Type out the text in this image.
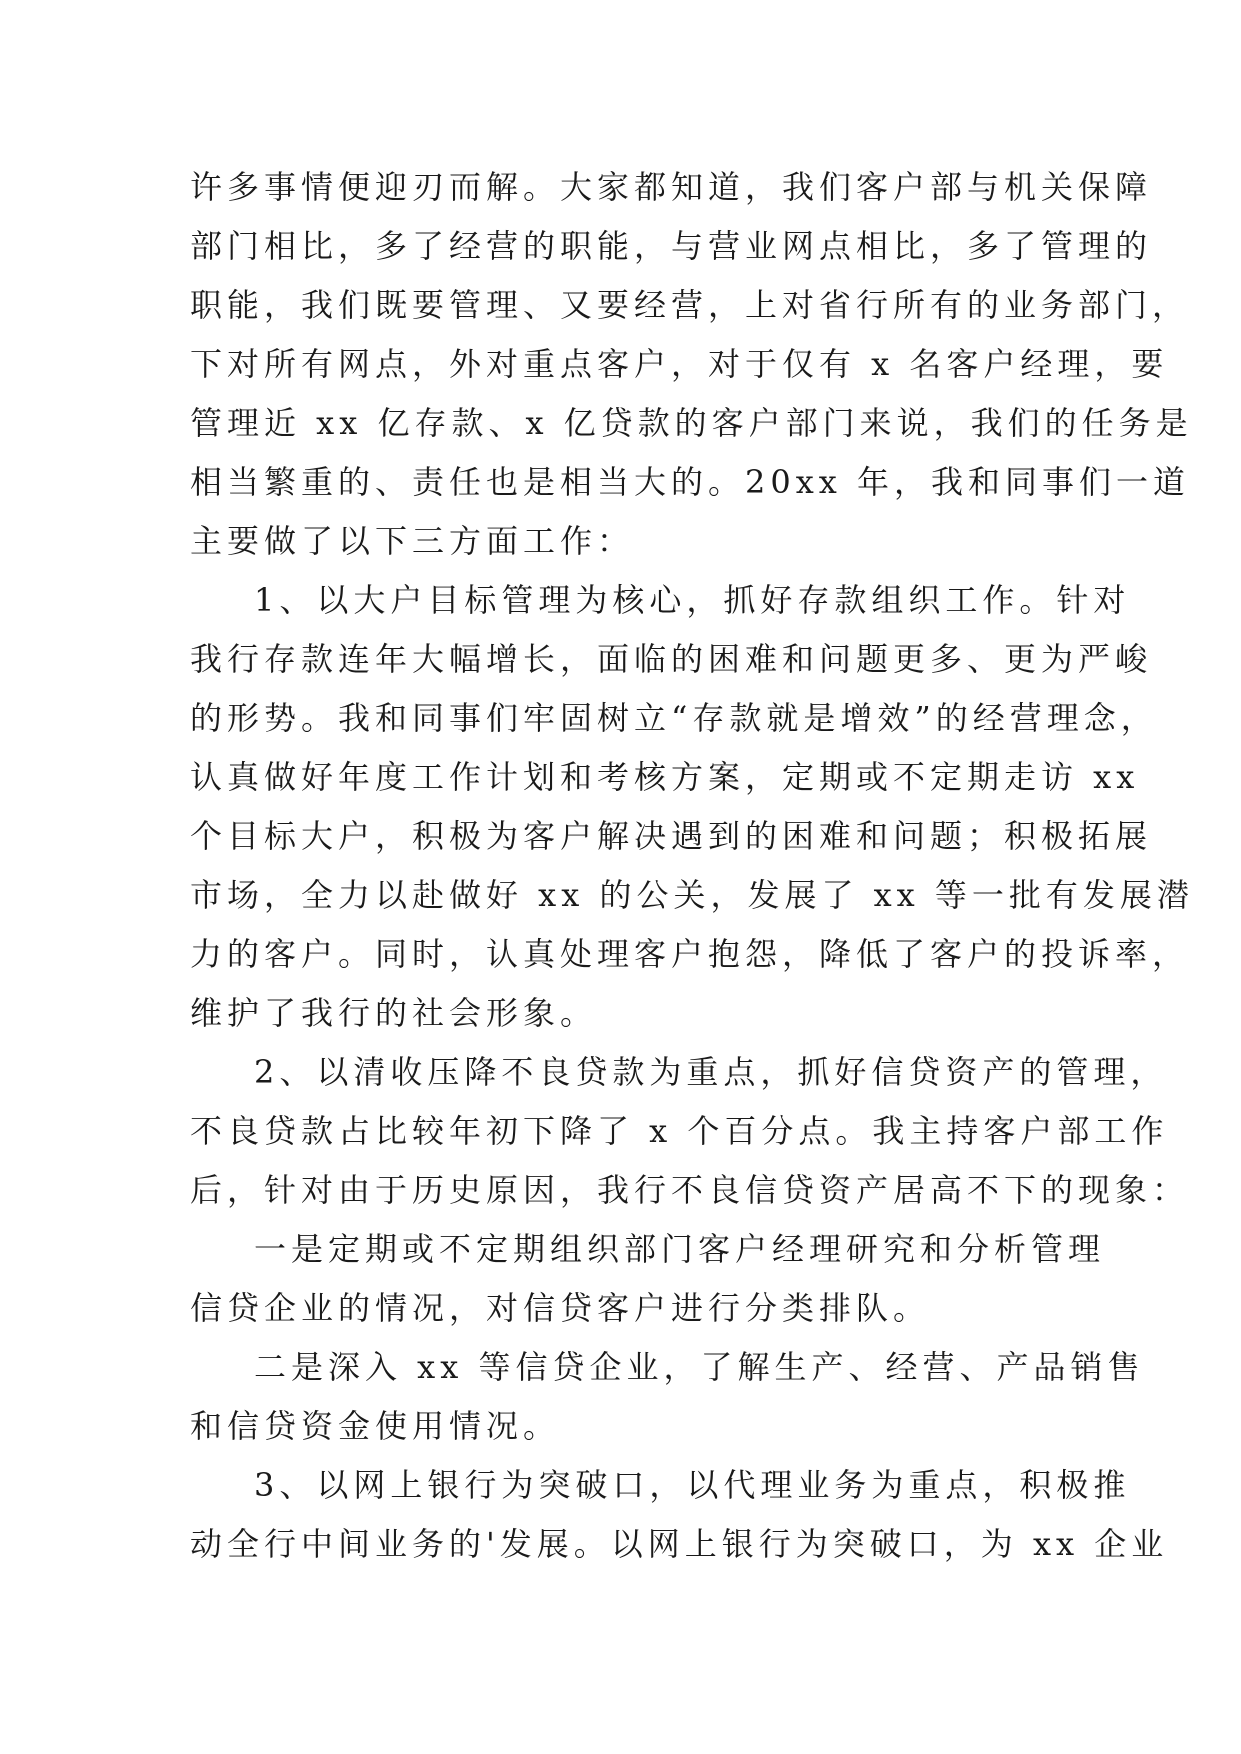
许多事情便迎刃而解。大家都知道，我们客户部与机关保障
部门相比，多了经营的职能，与营业网点相比，多了管理的
职能，我们既要管理、又要经营，上对省行所有的业务部门，
下对所有网点，外对重点客户，对于仅有 x 名客户经理，要
管理近 xx 亿存款、x 亿贷款的客户部门来说，我们的任务是
相当繁重的、责任也是相当大的。20xx 年，我和同事们一道
主要做了以下三方面工作：
1、以大户目标管理为核心，抓好存款组织工作。针对
我行存款连年大幅增长，面临的困难和问题更多、更为严峻
的形势。我和同事们牢固树立“存款就是增效”的经营理念，
认真做好年度工作计划和考核方案，定期或不定期走访 xx
个目标大户，积极为客户解决遇到的困难和问题；积极拓展
市场，全力以赴做好 xx 的公关，发展了 xx 等一批有发展潜
力的客户。同时，认真处理客户抱怨，降低了客户的投诉率，
维护了我行的社会形象。
2、以清收压降不良贷款为重点，抓好信贷资产的管理，
不良贷款占比较年初下降了 x 个百分点。我主持客户部工作
后，针对由于历史原因，我行不良信贷资产居高不下的现象：
一是定期或不定期组织部门客户经理研究和分析管理
信贷企业的情况，对信贷客户进行分类排队。
二是深入 xx 等信贷企业，了解生产、经营、产品销售
和信贷资金使用情况。
3、以网上银行为突破口，以代理业务为重点，积极推
动全行中间业务的'发展。以网上银行为突破口，为 xx 企业
